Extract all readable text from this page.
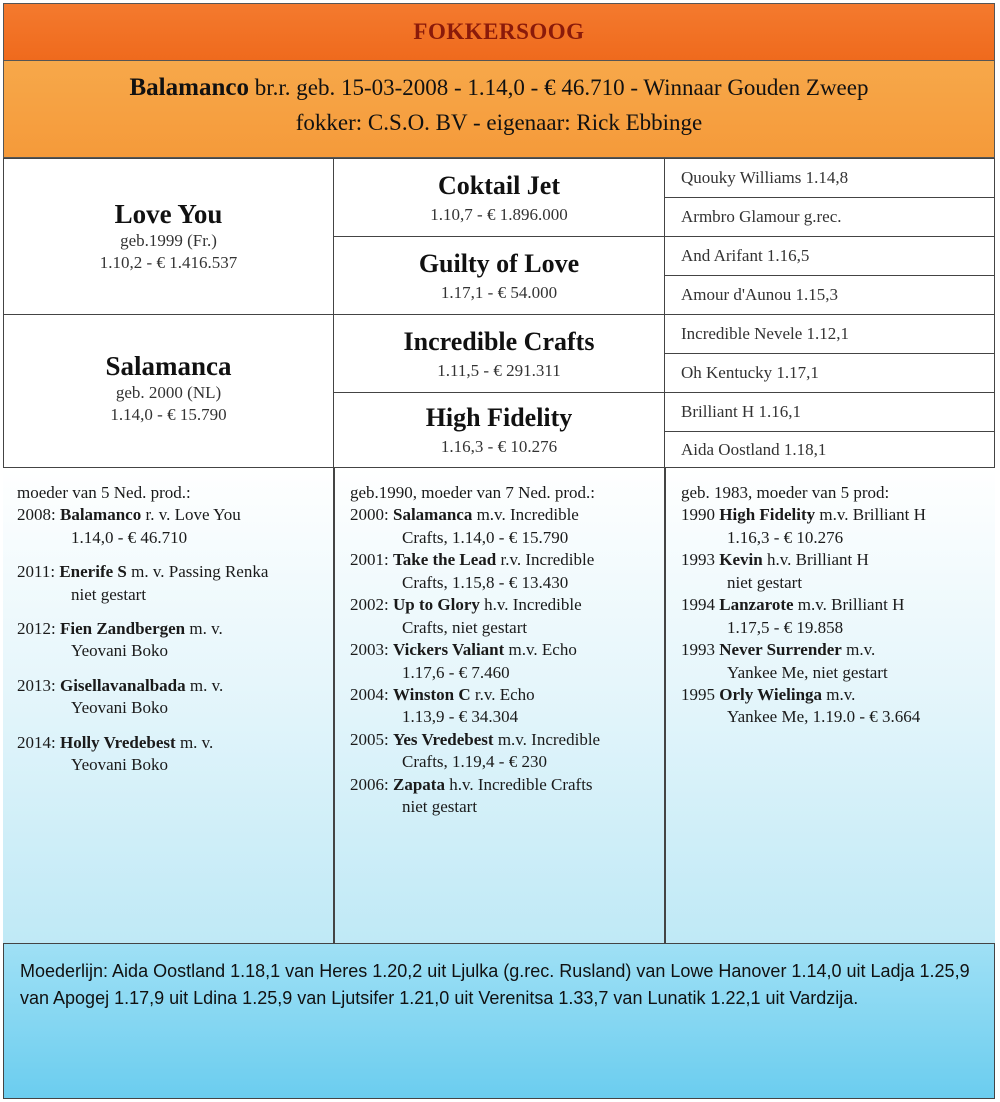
FOKKERSOOG
Balamanco br.r. geb. 15-03-2008 - 1.14,0 - € 46.710 - Winnaar Gouden Zweep
fokker: C.S.O. BV - eigenaar: Rick Ebbinge
Love You
geb.1999 (Fr.)
1.10,2 - € 1.416.537
Salamanca
geb. 2000 (NL)
1.14,0 - € 15.790
Coktail Jet
1.10,7 - € 1.896.000
Guilty of Love
1.17,1 - € 54.000
Incredible Crafts
1.11,5 - € 291.311
High Fidelity
1.16,3 - € 10.276
Quouky Williams 1.14,8
Armbro Glamour g.rec.
And Arifant 1.16,5
Amour d'Aunou 1.15,3
Incredible Nevele 1.12,1
Oh Kentucky 1.17,1
Brilliant H 1.16,1
Aida Oostland 1.18,1
moeder van 5 Ned. prod.:
2008: Balamanco r. v. Love You
1.14,0 - € 46.710
2011: Enerife S m. v. Passing Renka
niet gestart
2012: Fien Zandbergen m. v.
Yeovani Boko
2013: Gisellavanalbada m. v.
Yeovani Boko
2014: Holly Vredebest m. v.
Yeovani Boko
geb.1990, moeder van 7 Ned. prod.:
2000: Salamanca m.v. Incredible
Crafts, 1.14,0 - € 15.790
2001: Take the Lead r.v. Incredible
Crafts, 1.15,8 - € 13.430
2002: Up to Glory h.v. Incredible
Crafts, niet gestart
2003: Vickers Valiant m.v. Echo
1.17,6 - € 7.460
2004: Winston C r.v. Echo
1.13,9 - € 34.304
2005: Yes Vredebest m.v. Incredible
Crafts, 1.19,4 - € 230
2006: Zapata h.v. Incredible Crafts
niet gestart
geb. 1983, moeder van 5 prod:
1990 High Fidelity m.v. Brilliant H
1.16,3 - € 10.276
1993 Kevin h.v. Brilliant H
niet gestart
1994 Lanzarote m.v. Brilliant H
1.17,5 - € 19.858
1993 Never Surrender m.v.
Yankee Me, niet gestart
1995 Orly Wielinga m.v.
Yankee Me, 1.19.0 - € 3.664
Moederlijn: Aida Oostland 1.18,1 van Heres 1.20,2 uit Ljulka (g.rec. Rusland) van Lowe Hanover 1.14,0 uit Ladja 1.25,9 van Apogej 1.17,9 uit Ldina 1.25,9 van Ljutsifer 1.21,0 uit Verenitsa 1.33,7 van Lunatik 1.22,1 uit Vardzija.
